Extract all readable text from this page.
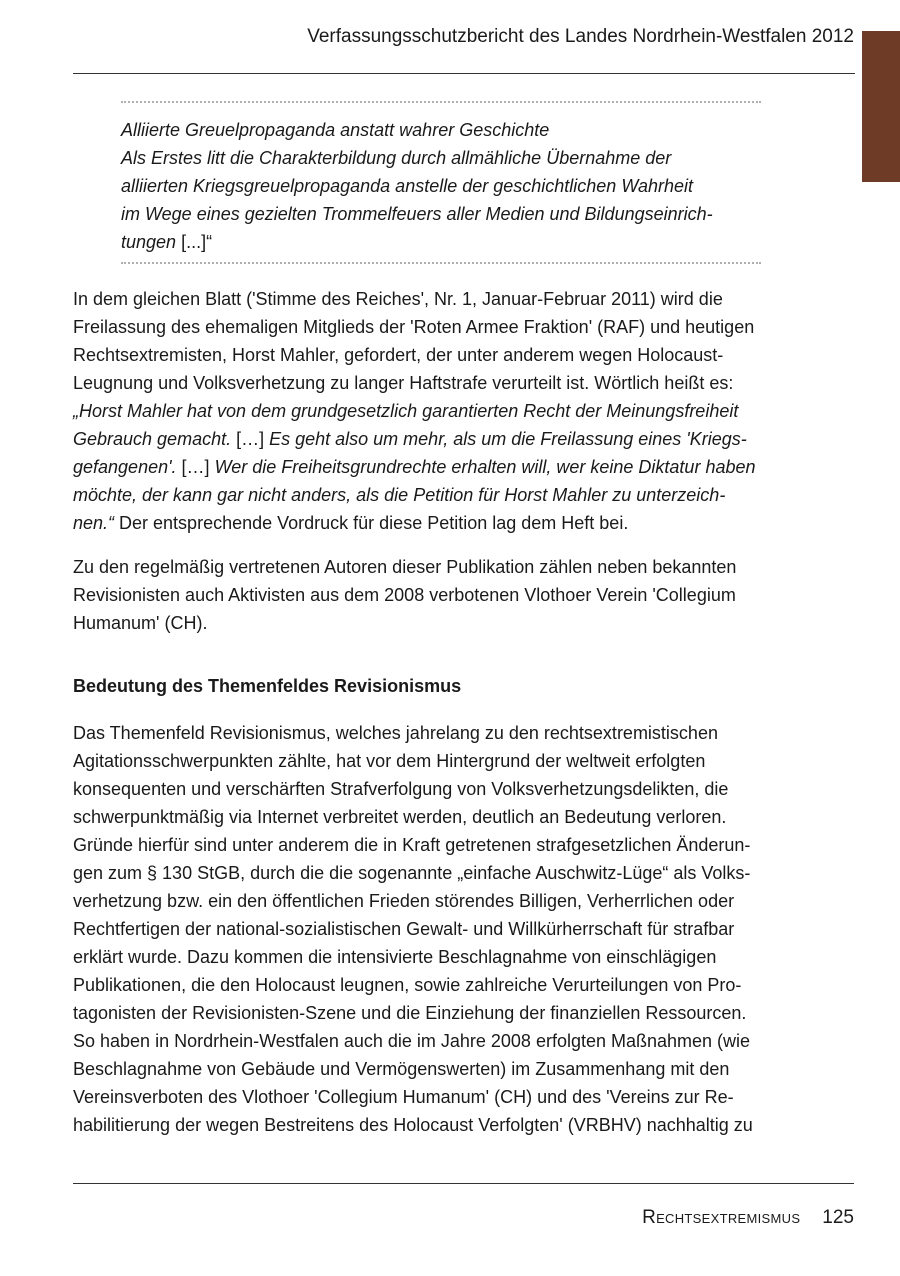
Verfassungsschutzbericht des Landes Nordrhein-Westfalen 2012
Alliierte Greuelpropaganda anstatt wahrer Geschichte
Als Erstes litt die Charakterbildung durch allmähliche Übernahme der
alliierten Kriegsgreuelpropaganda anstelle der geschichtlichen Wahrheit
im Wege eines gezielten Trommelfeuers aller Medien und Bildungseinrich-
tungen [...]“
In dem gleichen Blatt ('Stimme des Reiches', Nr. 1, Januar-Februar 2011) wird die
Freilassung des ehemaligen Mitglieds der 'Roten Armee Fraktion' (RAF) und heutigen
Rechtsextremisten, Horst Mahler, gefordert, der unter anderem wegen Holocaust-
Leugnung und Volksverhetzung zu langer Haftstrafe verurteilt ist. Wörtlich heißt es:
„Horst Mahler hat von dem grundgesetzlich garantierten Recht der Meinungsfreiheit
Gebrauch gemacht. […] Es geht also um mehr, als um die Freilassung eines 'Kriegs-
gefangenen'. […] Wer die Freiheitsgrundrechte erhalten will, wer keine Diktatur haben
möchte, der kann gar nicht anders, als die Petition für Horst Mahler zu unterzeich-
nen.“ Der entsprechende Vordruck für diese Petition lag dem Heft bei.
Zu den regelmäßig vertretenen Autoren dieser Publikation zählen neben bekannten
Revisionisten auch Aktivisten aus dem 2008 verbotenen Vlothoer Verein 'Collegium
Humanum' (CH).
Bedeutung des Themenfeldes Revisionismus
Das Themenfeld Revisionismus, welches jahrelang zu den rechtsextremistischen
Agitationsschwerpunkten zählte, hat vor dem Hintergrund der weltweit erfolgten
konsequenten und verschärften Strafverfolgung von Volksverhetzungsdelikten, die
schwerpunktmäßig via Internet verbreitet werden, deutlich an Bedeutung verloren.
Gründe hierfür sind unter anderem die in Kraft getretenen strafgesetzlichen Änderun-
gen zum § 130 StGB, durch die die sogenannte „einfache Auschwitz-Lüge“ als Volks-
verhetzung bzw. ein den öffentlichen Frieden störendes Billigen, Verherrlichen oder
Rechtfertigen der national-sozialistischen Gewalt- und Willkürherrschaft für strafbar
erklärt wurde. Dazu kommen die intensivierte Beschlagnahme von einschlägigen
Publikationen, die den Holocaust leugnen, sowie zahlreiche Verurteilungen von Pro-
tagonisten der Revisionisten-Szene und die Einziehung der finanziellen Ressourcen.
So haben in Nordrhein-Westfalen auch die im Jahre 2008 erfolgten Maßnahmen (wie
Beschlagnahme von Gebäude und Vermögenswerten) im Zusammenhang mit den
Vereinsverboten des Vlothoer 'Collegium Humanum' (CH) und des 'Vereins zur Re-
habilitierung der wegen Bestreitens des Holocaust Verfolgten' (VRBHV) nachhaltig zu
Rechtsextremismus 125
